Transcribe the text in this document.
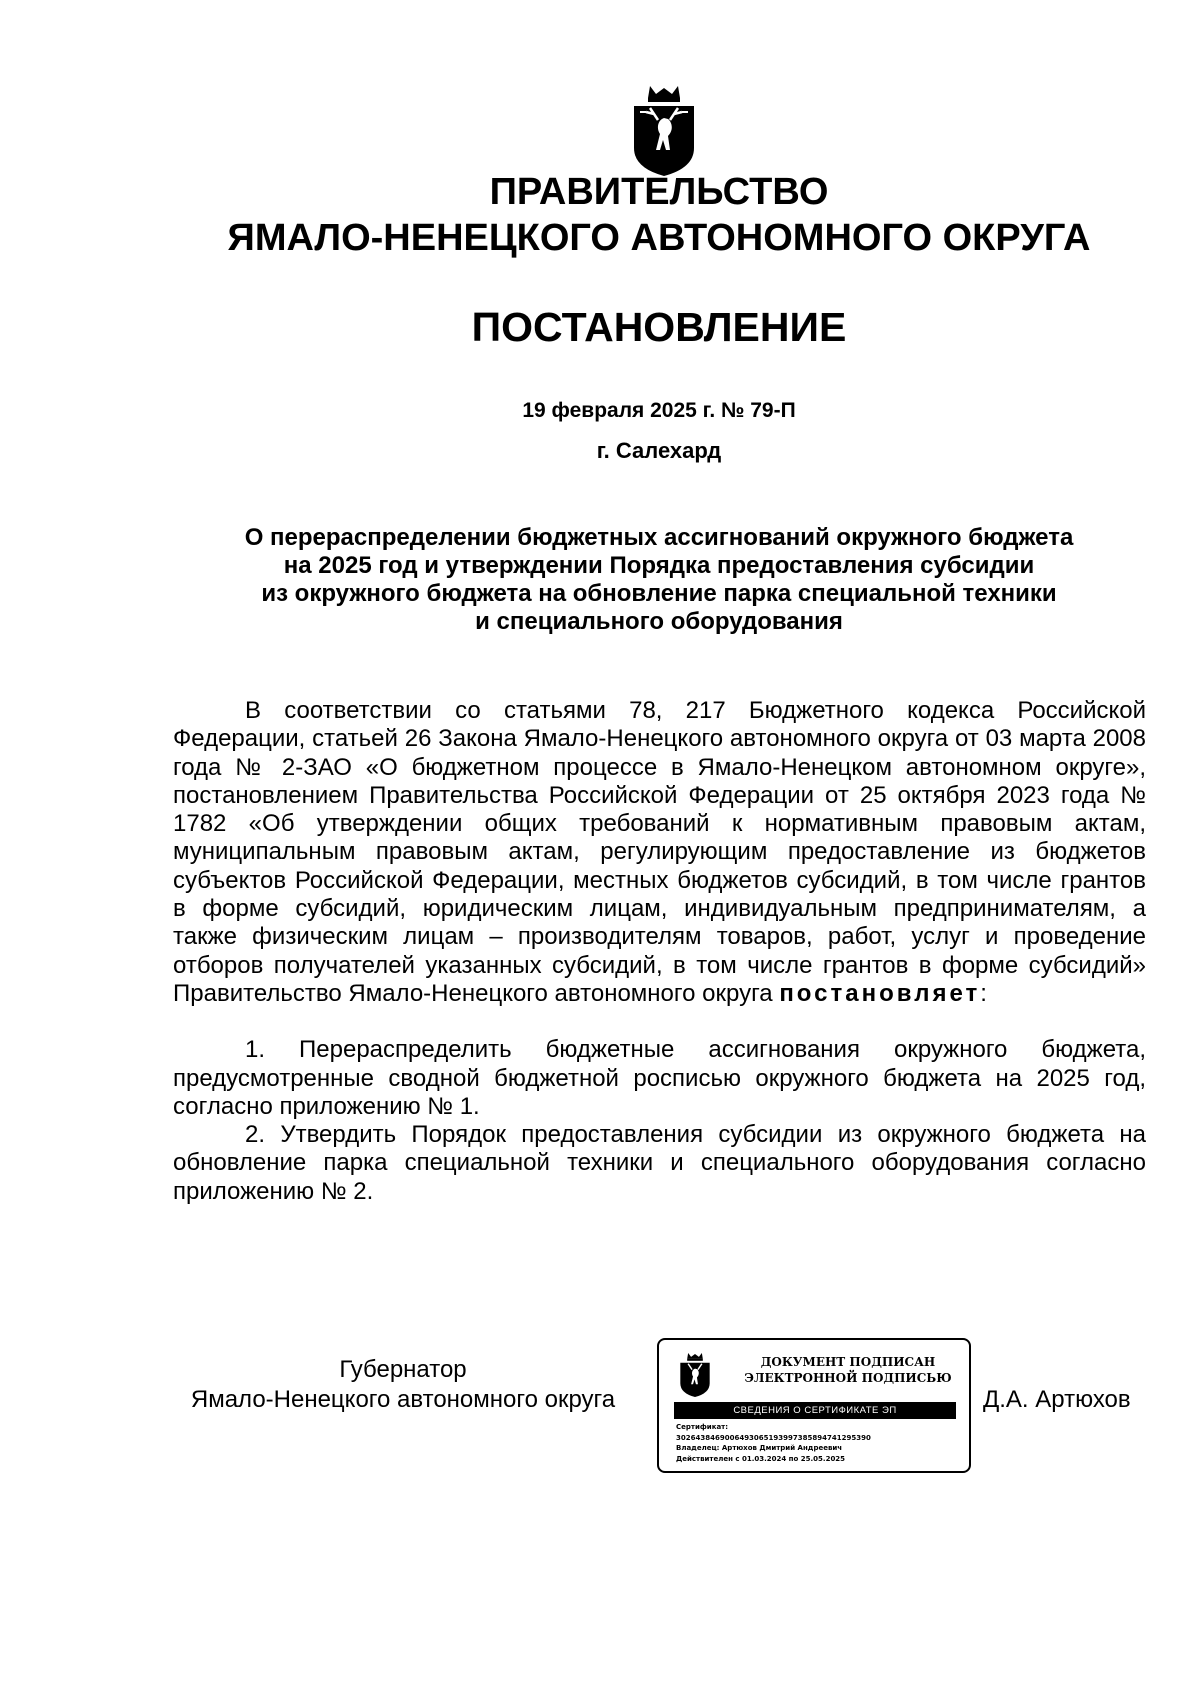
ПРАВИТЕЛЬСТВО
ЯМАЛО-НЕНЕЦКОГО АВТОНОМНОГО ОКРУГА
ПОСТАНОВЛЕНИЕ
19 февраля 2025 г. № 79-П
г. Салехард
О перераспределении бюджетных ассигнований окружного бюджета
на 2025 год и утверждении Порядка предоставления субсидии
из окружного бюджета на обновление парка специальной техники
и специального оборудования

В соответствии со статьями 78, 217 Бюджетного кодекса Российской Федерации, статьей 26 Закона Ямало-Ненецкого автономного округа от 03 марта 2008 года № 2-ЗАО «О бюджетном процессе в Ямало-Ненецком автономном округе», постановлением Правительства Российской Федерации от 25 октября 2023 года № 1782 «Об утверждении общих требований к нормативным правовым актам, муниципальным правовым актам, регулирующим предоставление из бюджетов субъектов Российской Федерации, местных бюджетов субсидий, в том числе грантов в форме субсидий, юридическим лицам, индивидуальным предпринимателям, а также физическим лицам – производителям товаров, работ, услуг и проведение отборов получателей указанных субсидий, в том числе грантов в форме субсидий» Правительство Ямало-Ненецкого автономного округа постановляет:

1. Перераспределить бюджетные ассигнования окружного бюджета, предусмотренные сводной бюджетной росписью окружного бюджета на 2025 год, согласно приложению № 1.

2. Утвердить Порядок предоставления субсидии из окружного бюджета на обновление парка специальной техники и специального оборудования согласно приложению № 2.

Губернатор
Ямало-Ненецкого автономного округа
ДОКУМЕНТ ПОДПИСАН
ЭЛЕКТРОННОЙ ПОДПИСЬЮ
СВЕДЕНИЯ О СЕРТИФИКАТЕ ЭП
Сертификат:
3026438469006493065193997385894741295390
Владелец: Артюхов Дмитрий Андреевич
Действителен с 01.03.2024 по 25.05.2025
Д.А. Артюхов
